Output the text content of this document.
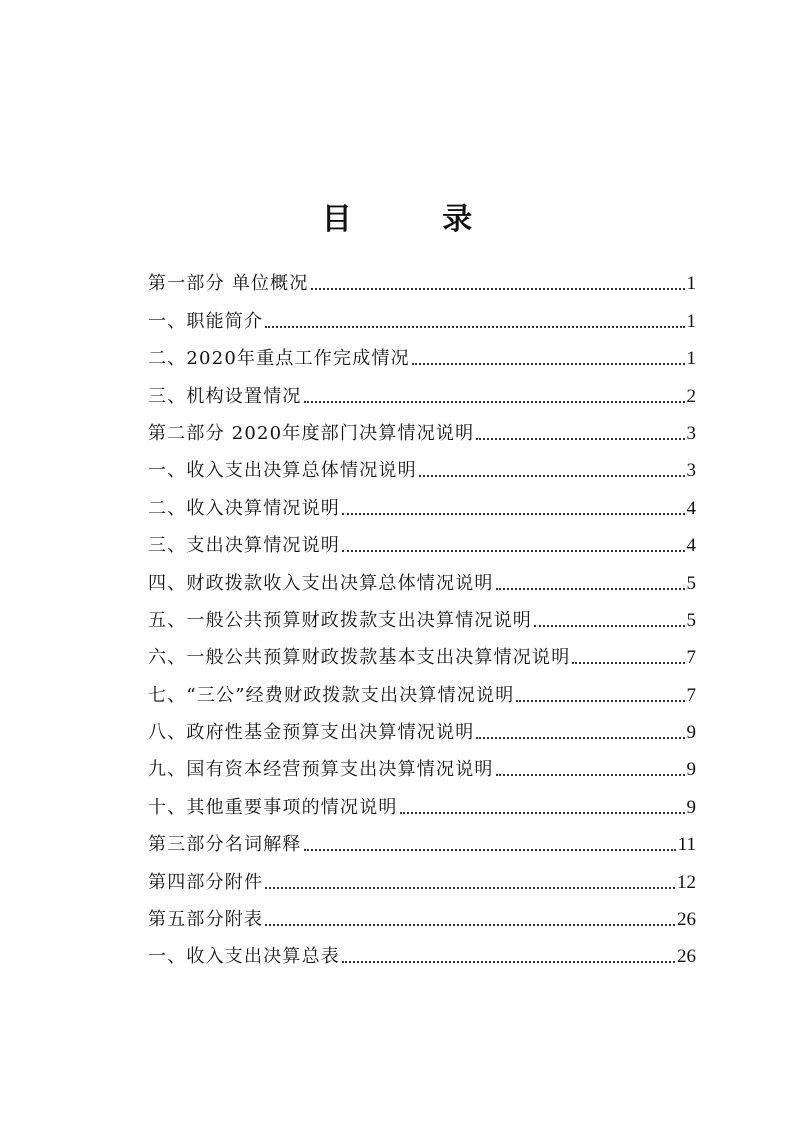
目 录
第一部分 单位概况	1
一、职能简介	1
二、2020年重点工作完成情况	1
三、机构设置情况	2
第二部分 2020年度部门决算情况说明	3
一、收入支出决算总体情况说明	3
二、收入决算情况说明	4
三、支出决算情况说明	4
四、财政拨款收入支出决算总体情况说明	5
五、一般公共预算财政拨款支出决算情况说明	5
六、一般公共预算财政拨款基本支出决算情况说明	7
七、“三公”经费财政拨款支出决算情况说明	7
八、政府性基金预算支出决算情况说明	9
九、国有资本经营预算支出决算情况说明	9
十、其他重要事项的情况说明	9
第三部分名词解释	11
第四部分附件	12
第五部分附表	26
一、收入支出决算总表	26
